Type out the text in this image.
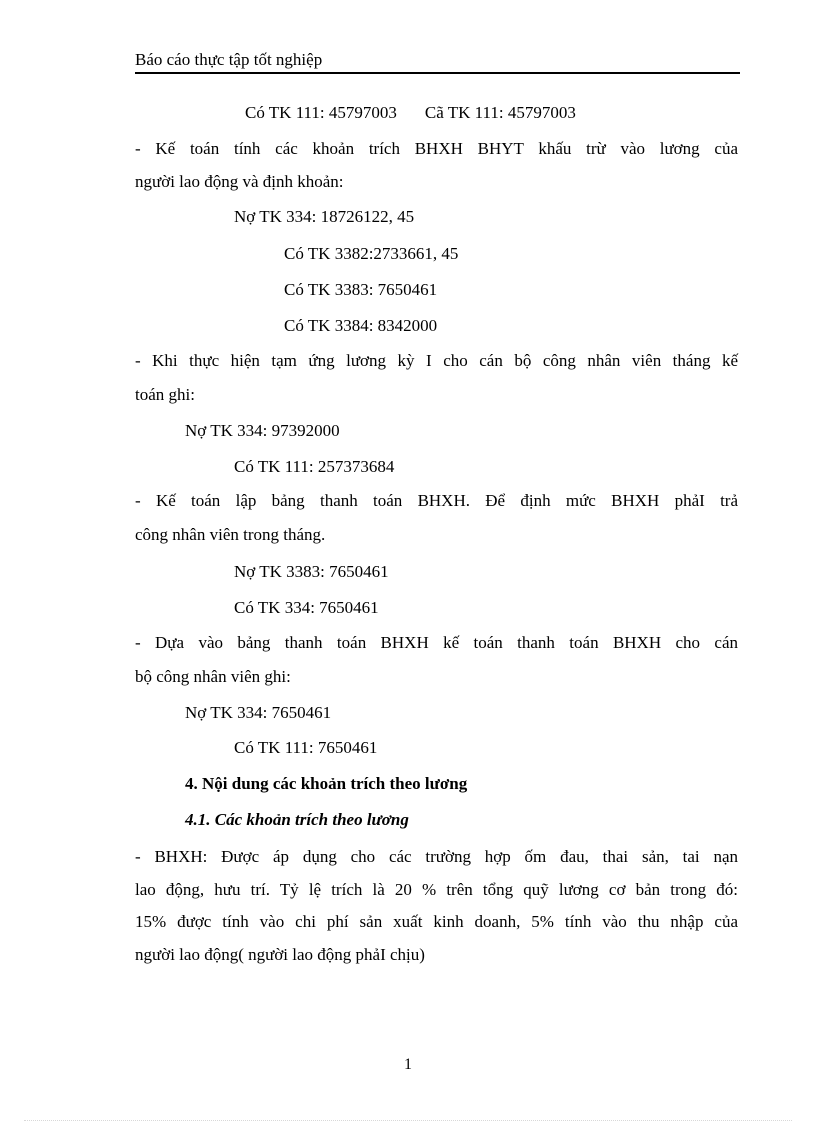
Báo cáo thực tập tốt nghiệp
Có TK 111: 45797003 Cã TK 111: 45797003
- Kế toán tính các khoản trích BHXH BHYT khấu trừ vào lương của
người lao động và định khoản:
Nợ TK 334: 18726122, 45
Có TK 3382:2733661, 45
Có TK 3383: 7650461
Có TK 3384: 8342000
- Khi thực hiện tạm ứng lương kỳ I cho cán bộ công nhân viên tháng kế
toán ghi:
Nợ TK 334: 97392000
Có TK 111: 257373684
- Kế toán lập bảng thanh toán BHXH. Để định mức BHXH phảI trả
công nhân viên trong tháng.
Nợ TK 3383: 7650461
Có TK 334: 7650461
- Dựa vào bảng thanh toán BHXH kế toán thanh toán BHXH cho cán
bộ công nhân viên ghi:
Nợ TK 334: 7650461
Có TK 111: 7650461
4. Nội dung các khoản trích theo lương
4.1. Các khoản trích theo lương
- BHXH: Được áp dụng cho các trường hợp ốm đau, thai sản, tai nạn
lao động, hưu trí. Tỷ lệ trích là 20 % trên tổng quỹ lương cơ bản trong đó:
15% được tính vào chi phí sản xuất kinh doanh, 5% tính vào thu nhập của
người lao động( người lao động phảI chịu)
1
